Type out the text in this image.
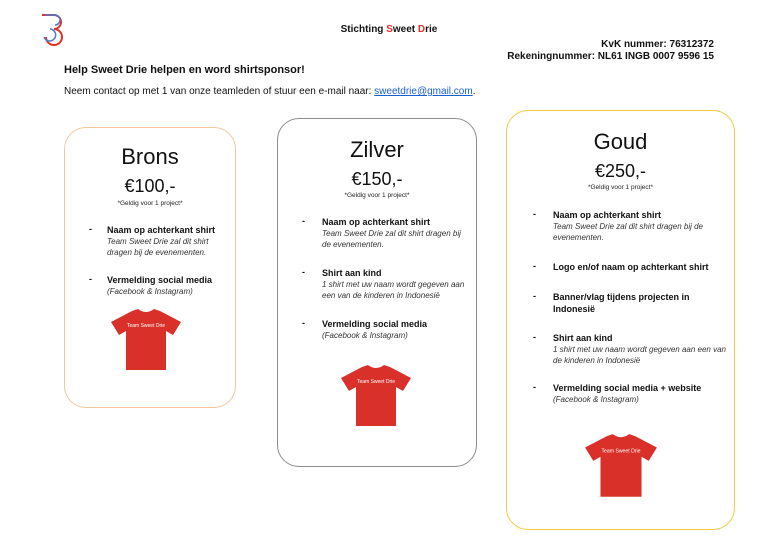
Stichting Sweet Drie
KvK nummer: 76312372
Rekeningnummer: NL61 INGB 0007 9596 15
Help Sweet Drie helpen en word shirtsponsor!
Neem contact op met 1 van onze teamleden of stuur een e-mail naar: sweetdrie@gmail.com.
Brons
€100,-
*Geldig voor 1 project*
- Naam op achterkant shirt
Team Sweet Drie zal dit shirt dragen bij de evenementen.
- Vermelding social media
(Facebook & Instagram)
Team Sweet Drie
Zilver
€150,-
*Geldig voor 1 project*
- Naam op achterkant shirt
Team Sweet Drie zal dit shirt dragen bij de evenementen.
- Shirt aan kind
1 shirt met uw naam wordt gegeven aan een van de kinderen in Indonesië
- Vermelding social media
(Facebook & Instagram)
Team Sweet Drie
Goud
€250,-
*Geldig voor 1 project*
- Naam op achterkant shirt
Team Sweet Drie zal dit shirt dragen bij de evenementen.
- Logo en/of naam op achterkant shirt
- Banner/vlag tijdens projecten in Indonesië
- Shirt aan kind
1 shirt met uw naam wordt gegeven aan een van de kinderen in Indonesië
- Vermelding social media + website
(Facebook & Instagram)
Team Sweet Drie
